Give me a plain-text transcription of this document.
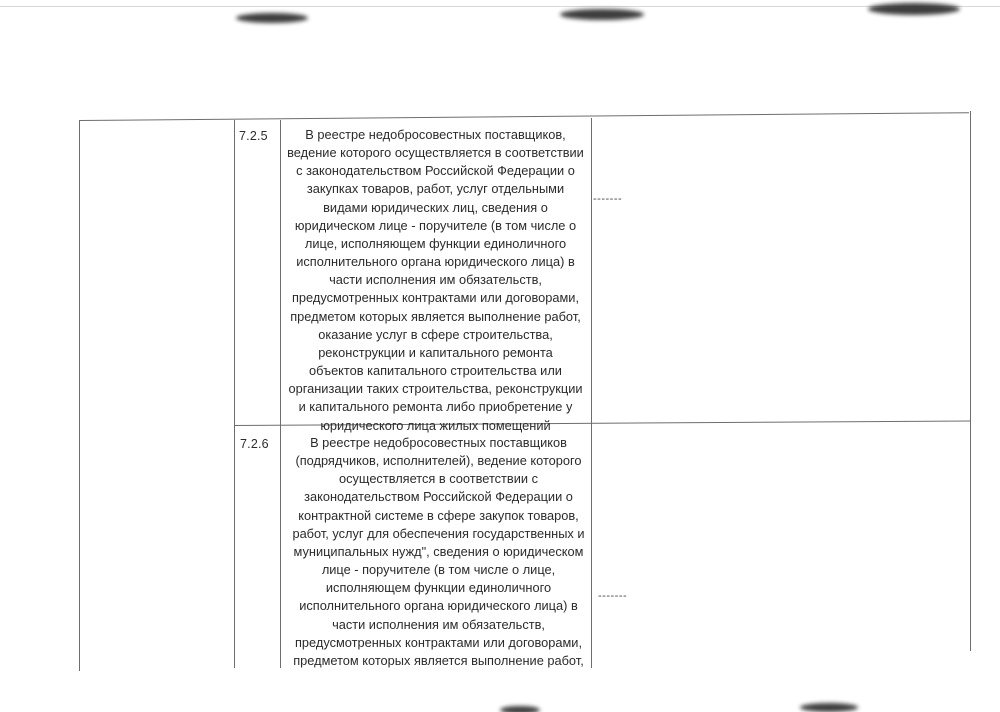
7.2.5	В реестре недобросовестных поставщиков,
ведение которого осуществляется в соответствии
с законодательством Российской Федерации о
закупках товаров, работ, услуг отдельными
видами юридических лиц, сведения о
юридическом лице - поручителе (в том числе о
лице, исполняющем функции единоличного
исполнительного органа юридического лица) в
части исполнения им обязательств,
предусмотренных контрактами или договорами,
предметом которых является выполнение работ,
оказание услуг в сфере строительства,
реконструкции и капитального ремонта
объектов капитального строительства или
организации таких строительства, реконструкции
и капитального ремонта либо приобретение у
юридического лица жилых помещений
-------
7.2.6	В реестре недобросовестных поставщиков
(подрядчиков, исполнителей), ведение которого
осуществляется в соответствии с
законодательством Российской Федерации о
контрактной системе в сфере закупок товаров,
работ, услуг для обеспечения государственных и
муниципальных нужд", сведения о юридическом
лице - поручителе (в том числе о лице,
исполняющем функции единоличного
исполнительного органа юридического лица) в
части исполнения им обязательств,
предусмотренных контрактами или договорами,
предметом которых является выполнение работ,
-------
